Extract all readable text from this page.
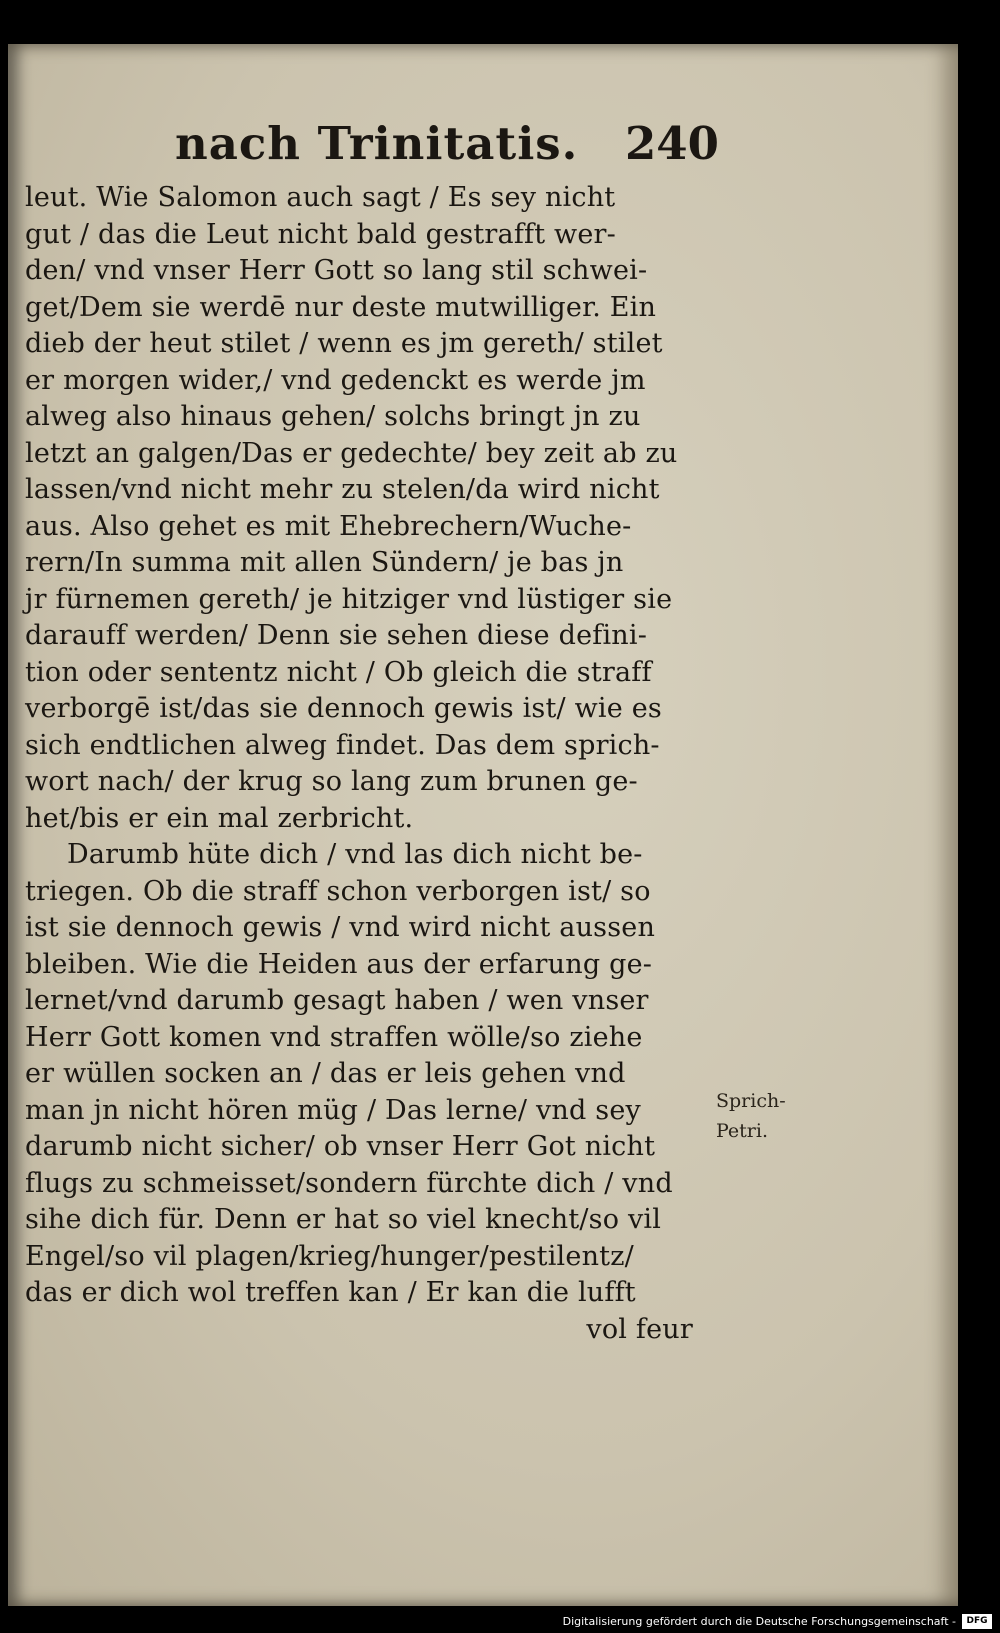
nach Trinitatis. 240
leut. Wie Salomon auch sagt / Es sey nicht
gut / das die Leut nicht bald gestrafft wer-
den/ vnd vnser Herr Gott so lang stil schwei-
get/Dem sie werdē nur deste mutwilliger. Ein
dieb der heut stilet / wenn es jm gereth/ stilet
er morgen wider,/ vnd gedenckt es werde jm
alweg also hinaus gehen/ solchs bringt jn zu
letzt an galgen/Das er gedechte/ bey zeit ab zu
lassen/vnd nicht mehr zu stelen/da wird nicht
aus. Also gehet es mit Ehebrechern/Wuche-
rern/In summa mit allen Sündern/ je bas jn
jr fürnemen gereth/ je hitziger vnd lüstiger sie
darauff werden/ Denn sie sehen diese defini-
tion oder sententz nicht / Ob gleich die straff
verborgē ist/das sie dennoch gewis ist/ wie es
sich endtlichen alweg findet. Das dem sprich-
wort nach/ der krug so lang zum brunen ge-
het/bis er ein mal zerbricht.
Darumb hüte dich / vnd las dich nicht be-
triegen. Ob die straff schon verborgen ist/ so
ist sie dennoch gewis / vnd wird nicht aussen
bleiben. Wie die Heiden aus der erfarung ge-
lernet/vnd darumb gesagt haben / wen vnser
Herr Gott komen vnd straffen wölle/so ziehe
er wüllen socken an / das er leis gehen vnd
man jn nicht hören müg / Das lerne/ vnd sey
darumb nicht sicher/ ob vnser Herr Got nicht
flugs zu schmeisset/sondern fürchte dich / vnd
sihe dich für. Denn er hat so viel knecht/so vil
Engel/so vil plagen/krieg/hunger/pestilentz/
das er dich wol treffen kan / Er kan die lufft
vol feur
Sprich-
Petri.
Digitalisierung gefördert durch die Deutsche Forschungsgemeinschaft -	DFG
